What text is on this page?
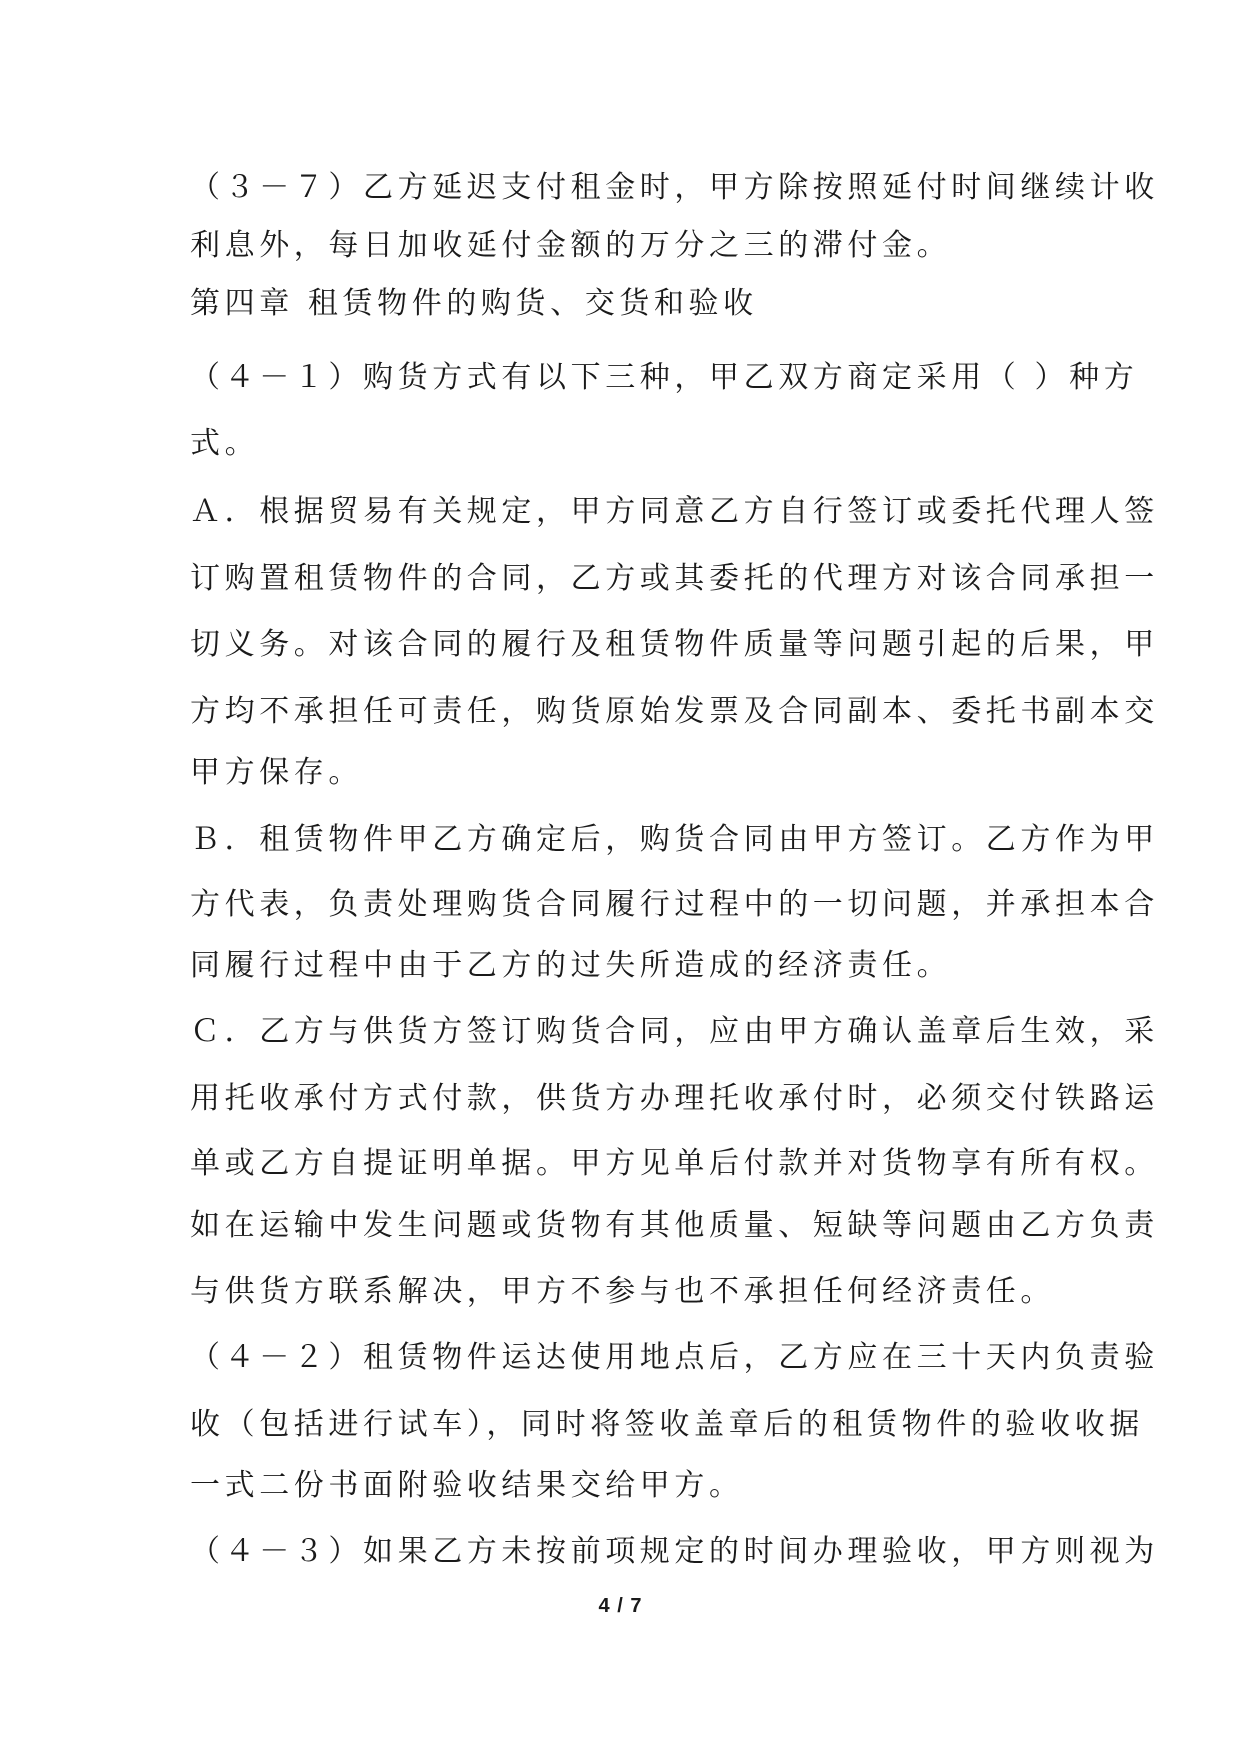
（３－７）乙方延迟支付租金时，甲方除按照延付时间继续计收
利息外，每日加收延付金额的万分之三的滞付金。
第四章 租赁物件的购货、交货和验收
（４－１）购货方式有以下三种，甲乙双方商定采用（ ）种方
式。
Ａ．根据贸易有关规定，甲方同意乙方自行签订或委托代理人签
订购置租赁物件的合同，乙方或其委托的代理方对该合同承担一
切义务。对该合同的履行及租赁物件质量等问题引起的后果，甲
方均不承担任可责任，购货原始发票及合同副本、委托书副本交
甲方保存。
Ｂ．租赁物件甲乙方确定后，购货合同由甲方签订。乙方作为甲
方代表，负责处理购货合同履行过程中的一切问题，并承担本合
同履行过程中由于乙方的过失所造成的经济责任。
Ｃ．乙方与供货方签订购货合同，应由甲方确认盖章后生效，采
用托收承付方式付款，供货方办理托收承付时，必须交付铁路运
单或乙方自提证明单据。甲方见单后付款并对货物享有所有权。
如在运输中发生问题或货物有其他质量、短缺等问题由乙方负责
与供货方联系解决，甲方不参与也不承担任何经济责任。
（４－２）租赁物件运达使用地点后，乙方应在三十天内负责验
收（包括进行试车），同时将签收盖章后的租赁物件的验收收据
一式二份书面附验收结果交给甲方。
（４－３）如果乙方未按前项规定的时间办理验收，甲方则视为
4 / 7
